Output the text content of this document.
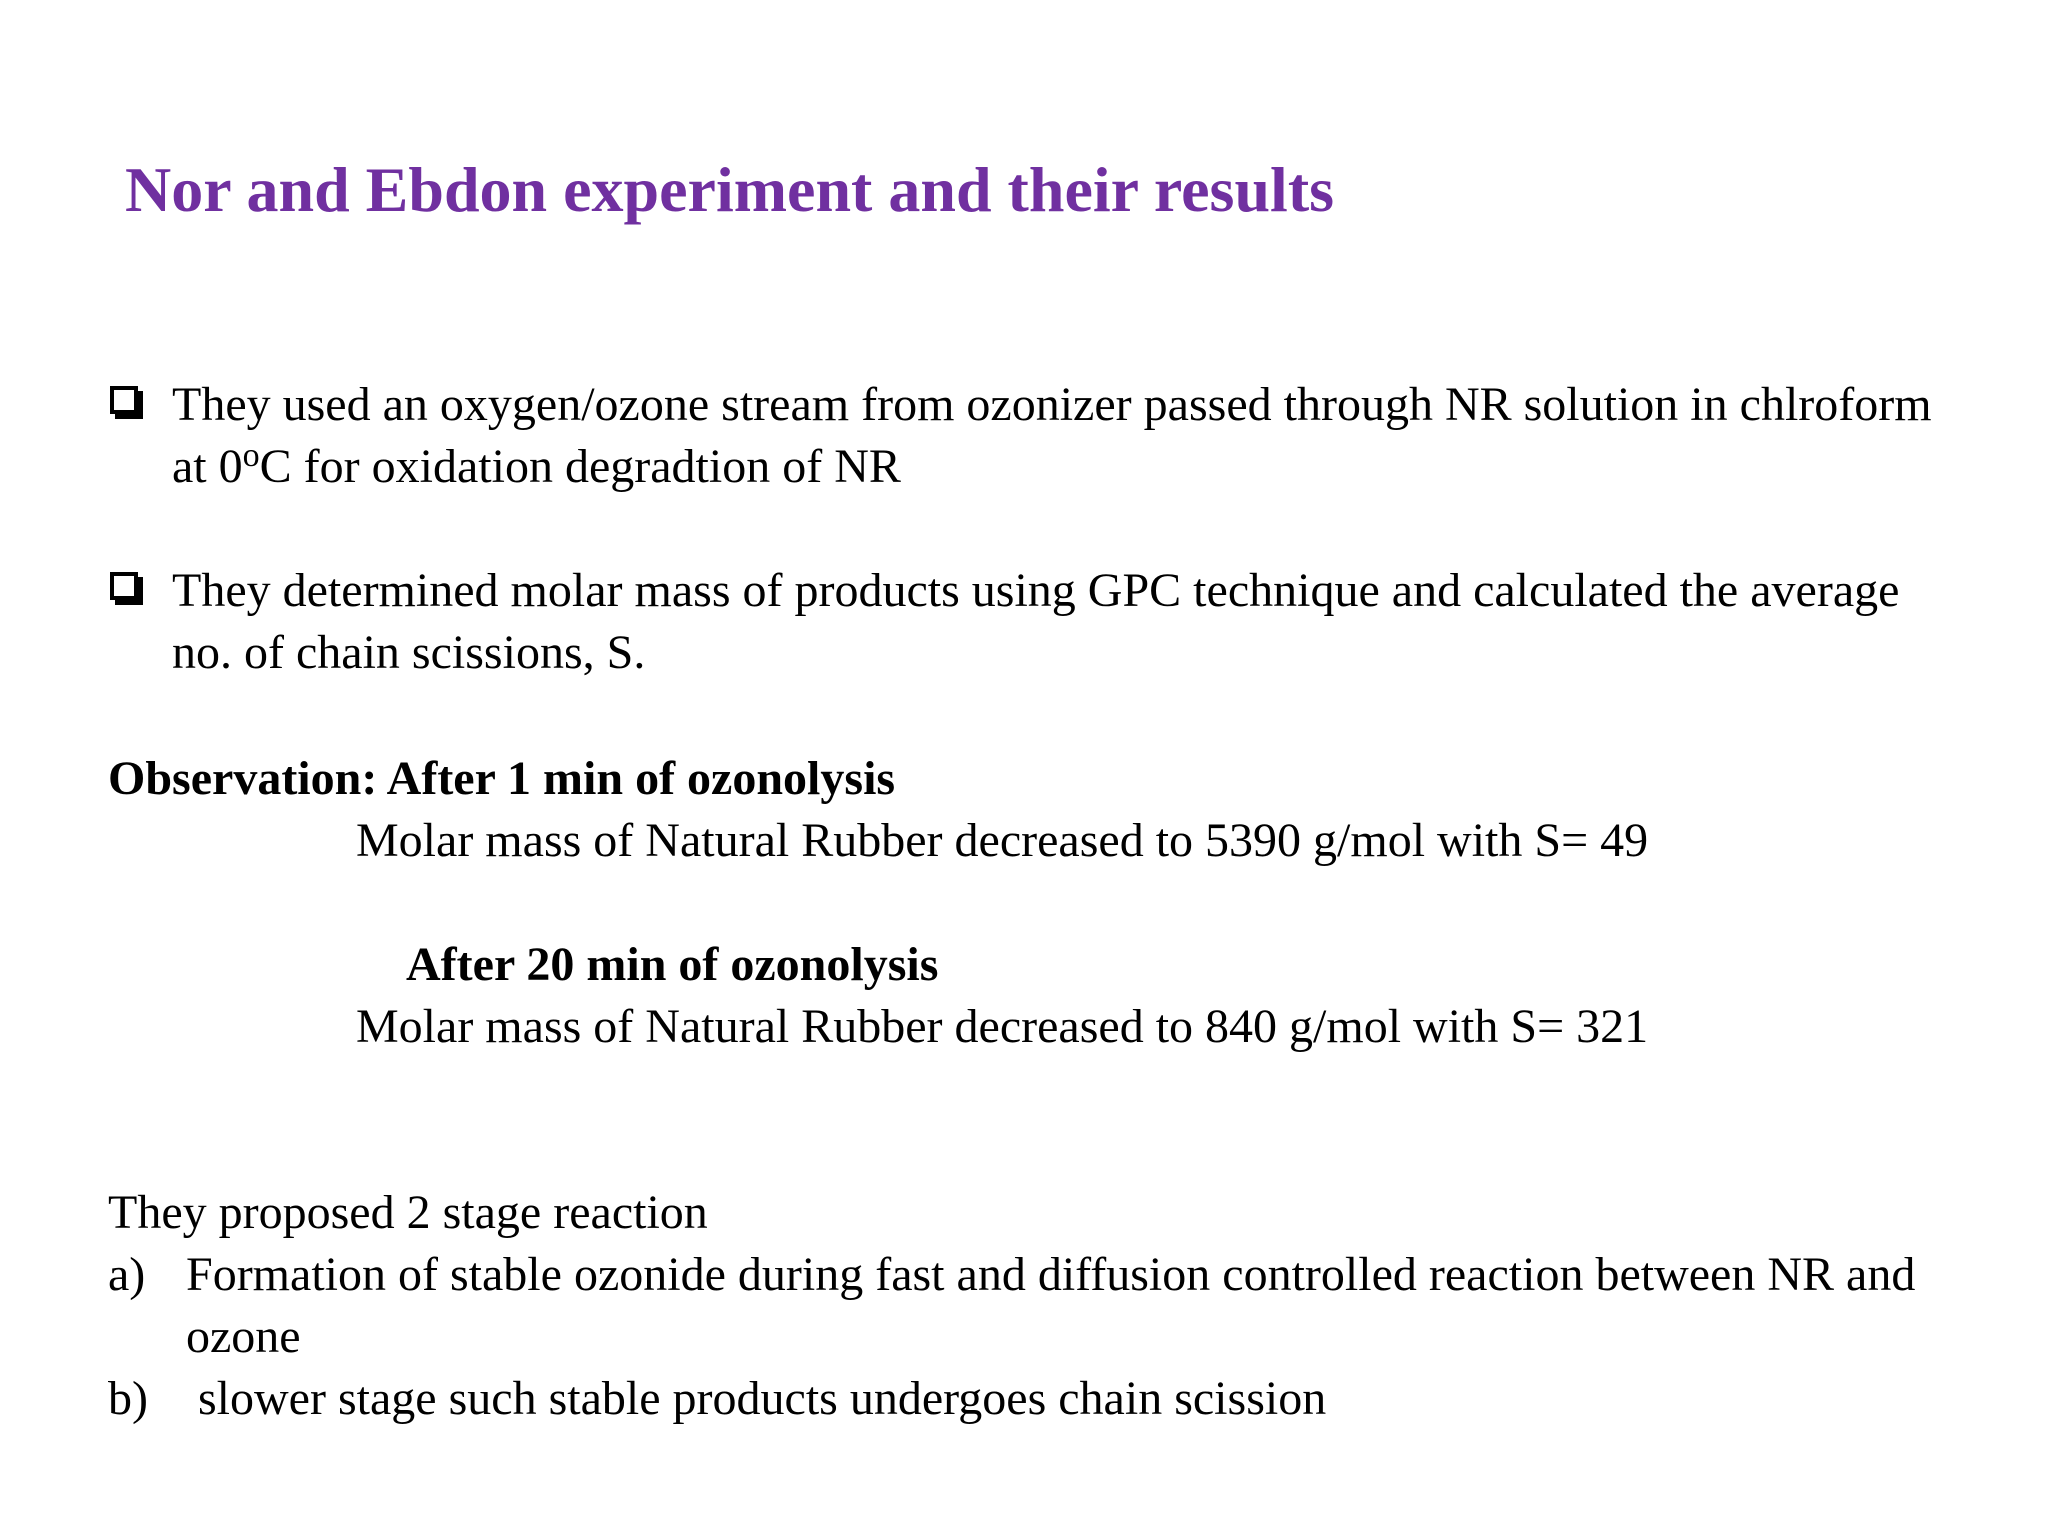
Nor and Ebdon experiment and their results
They used an oxygen/ozone stream from ozonizer passed through NR solution in chlroform at 0$^o$C for oxidation degradtion of NR
They determined molar mass of products using GPC technique and calculated the average no. of chain scissions, S.
Observation: After 1 min of ozonolysis
Molar mass of Natural Rubber decreased to 5390 g/mol with S= 49
After 20 min of ozonolysis
Molar mass of Natural Rubber decreased to 840 g/mol with S= 321
They proposed 2 stage reaction
a) Formation of stable ozonide during fast and diffusion controlled reaction between NR and ozone
b) slower stage such stable products undergoes chain scission
